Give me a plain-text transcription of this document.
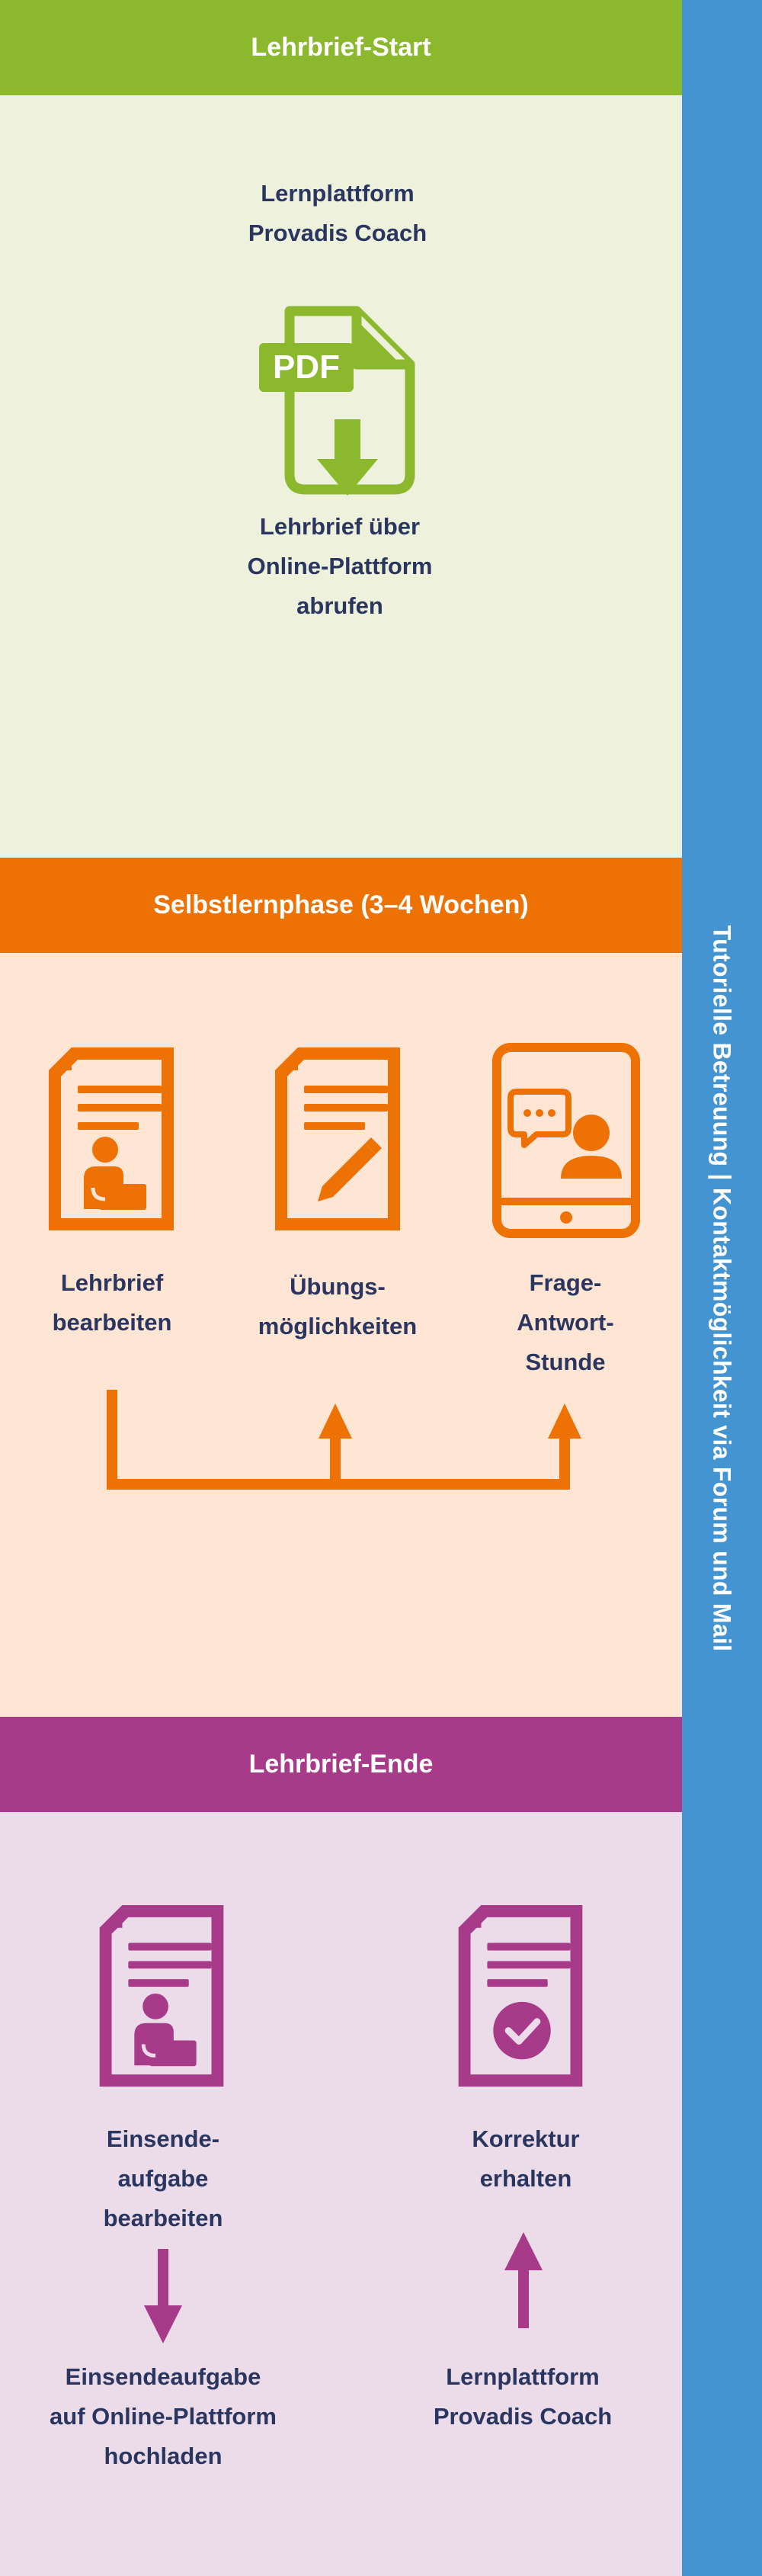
Lehrbrief-Start
Lernplattform
Provadis Coach
PDF
Lehrbrief über
Online-Plattform
abrufen
Selbstlernphase (3–4 Wochen)
Lehrbrief
bearbeiten
Übungs-
möglichkeiten
Frage-
Antwort-
Stunde
Lehrbrief-Ende
Einsende-
aufgabe
bearbeiten
Korrektur
erhalten
Einsendeaufgabe
auf Online-Plattform
hochladen
Lernplattform
Provadis Coach
Tutorielle Betreuung | Kontaktmöglichkeit via Forum und Mail
